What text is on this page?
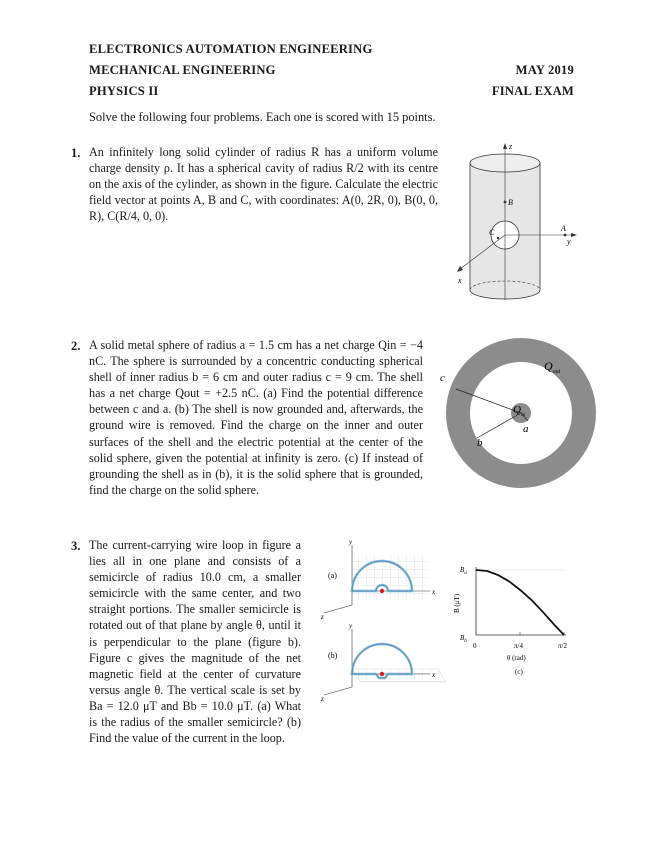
ELECTRONICS AUTOMATION ENGINEERING
MECHANICAL ENGINEERING
PHYSICS II
MAY 2019
FINAL EXAM
Solve the following four problems. Each one is scored with 15 points.
1. An infinitely long solid cylinder of radius R has a uniform volume charge density ρ. It has a spherical cavity of radius R/2 with its centre on the axis of the cylinder, as shown in the figure. Calculate the electric field vector at points A, B and C, with coordinates: A(0, 2R, 0), B(0, 0, R), C(R/4, 0, 0).
z
y
x
B
A
C
2. A solid metal sphere of radius a = 1.5 cm has a net charge Qin = −4 nC. The sphere is surrounded by a concentric conducting spherical shell of inner radius b = 6 cm and outer radius c = 9 cm. The shell has a net charge Qout = +2.5 nC. (a) Find the potential difference between c and a. (b) The shell is now grounded and, afterwards, the ground wire is removed. Find the charge on the inner and outer surfaces of the shell and the electric potential at the center of the solid sphere, given the potential at infinity is zero. (c) If instead of grounding the shell as in (b), it is the solid sphere that is grounded, find the charge on the solid sphere.
c
b
a
$Q_{out}$
$Q_{in}$
3. The current-carrying wire loop in figure a lies all in one plane and consists of a semicircle of radius 10.0 cm, a smaller semicircle with the same center, and two straight portions. The smaller semicircle is rotated out of that plane by angle θ, until it is perpendicular to the plane (figure b). Figure c gives the magnitude of the net magnetic field at the center of curvature versus angle θ. The vertical scale is set by Ba = 12.0 μT and Bb = 10.0 μT. (a) What is the radius of the smaller semicircle? (b) Find the value of the current in the loop.
(a)
x
y
z
(b)
x
y
z
$B_a$
$B_b$
B (μT)
0	π/4	π/2
θ (rad)
(c)
